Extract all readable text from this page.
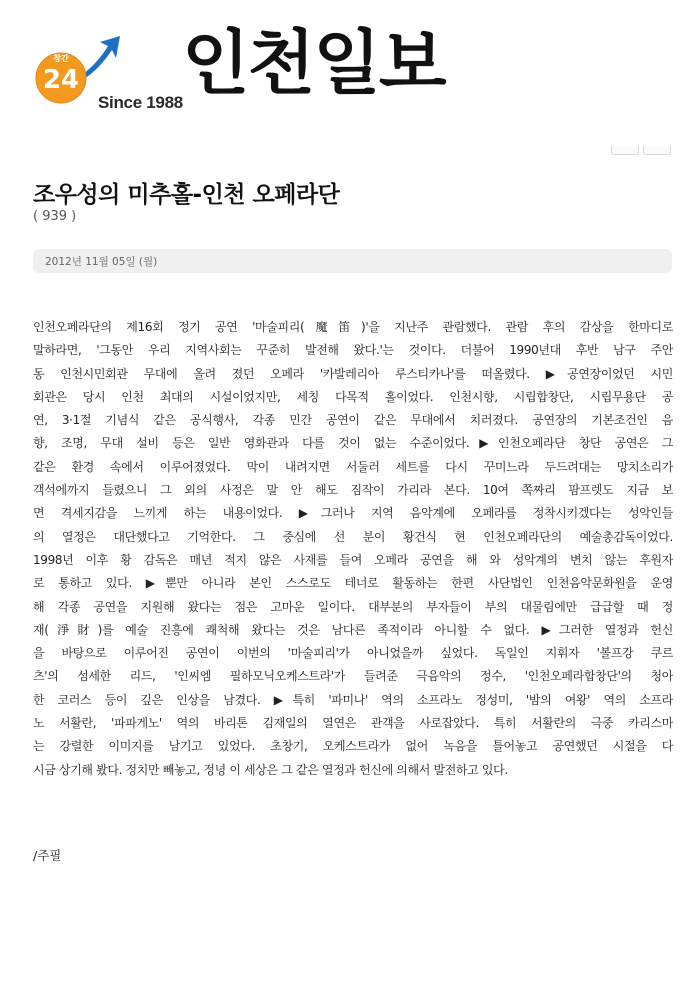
창간
24
Since 1988 인천일보
조우성의 미추홀-인천 오페라단
( 939 )
2012년 11월 05일 (월)
인천오페라단의 제16회 정기 공연 '마술피리(魔笛)'을 지난주 관람했다. 관람 후의 감상을 한마디로
말하라면, '그동안 우리 지역사회는 꾸준히 발전해 왔다.'는 것이다. 더불어 1990년대 후반 남구 주안
동 인천시민회관 무대에 올려 졌던 오페라 '카발레리아 루스티카나'를 떠올렸다. ▶공연장이었던 시민
회관은 당시 인천 최대의 시설이었지만, 세칭 다목적 홀이었다. 인천시향, 시립합창단, 시립무용단 공
연, 3·1절 기념식 같은 공식행사, 각종 민간 공연이 같은 무대에서 치러졌다. 공연장의 기본조건인 음
향, 조명, 무대 설비 등은 일반 영화관과 다를 것이 없는 수준이었다.▶인천오페라단 창단 공연은 그
같은 환경 속에서 이루어졌었다. 막이 내려지면 서둘러 세트를 다시 꾸미느라 두드려대는 망치소리가
객석에까지 들렸으니 그 외의 사정은 말 안 해도 짐작이 가리라 본다. 10여 쪽짜리 팜프렛도 지금 보
면 격세지감을 느끼게 하는 내용이었다. ▶그러나 지역 음악계에 오페라를 정착시키겠다는 성악인들
의 열정은 대단했다고 기억한다. 그 중심에 선 분이 황건식 현 인천오페라단의 예술총감독이었다.
1998년 이후 황 감독은 매년 적지 않은 사재를 들여 오페라 공연을 해 와 성악계의 변치 않는 후원자
로 통하고 있다. ▶뿐만 아니라 본인 스스로도 테너로 활동하는 한편 사단법인 인천음악문화원을 운영
해 각종 공연을 지원해 왔다는 점은 고마운 일이다. 대부분의 부자들이 부의 대물림에만 급급할 때 정
재(淨財)를 예술 진흥에 쾌척해 왔다는 것은 남다른 족적이라 아니할 수 없다. ▶그러한 열정과 헌신
을 바탕으로 이루어진 공연이 이번의 '마술피리'가 아니었을까 싶었다. 독일인 지휘자 '볼프강 쿠르
츠'의 섬세한 리드, '인씨엠 필하모닉오케스트라'가 들려준 극음악의 정수, '인천오페라합창단'의 청아
한 코러스 등이 깊은 인상을 남겼다. ▶특히 '파미나' 역의 소프라노 정성미, '밤의 여왕' 역의 소프라
노 서활란, '파파게노' 역의 바리톤 김재일의 열연은 관객을 사로잡았다. 특히 서활란의 극중 카리스마
는 강렬한 이미지를 남기고 있었다. 초창기, 오케스트라가 없어 녹음을 틀어놓고 공연했던 시절을 다
시금 상기해 봤다. 정치만 빼놓고, 정녕 이 세상은 그 같은 열정과 헌신에 의해서 발전하고 있다.
/주필
